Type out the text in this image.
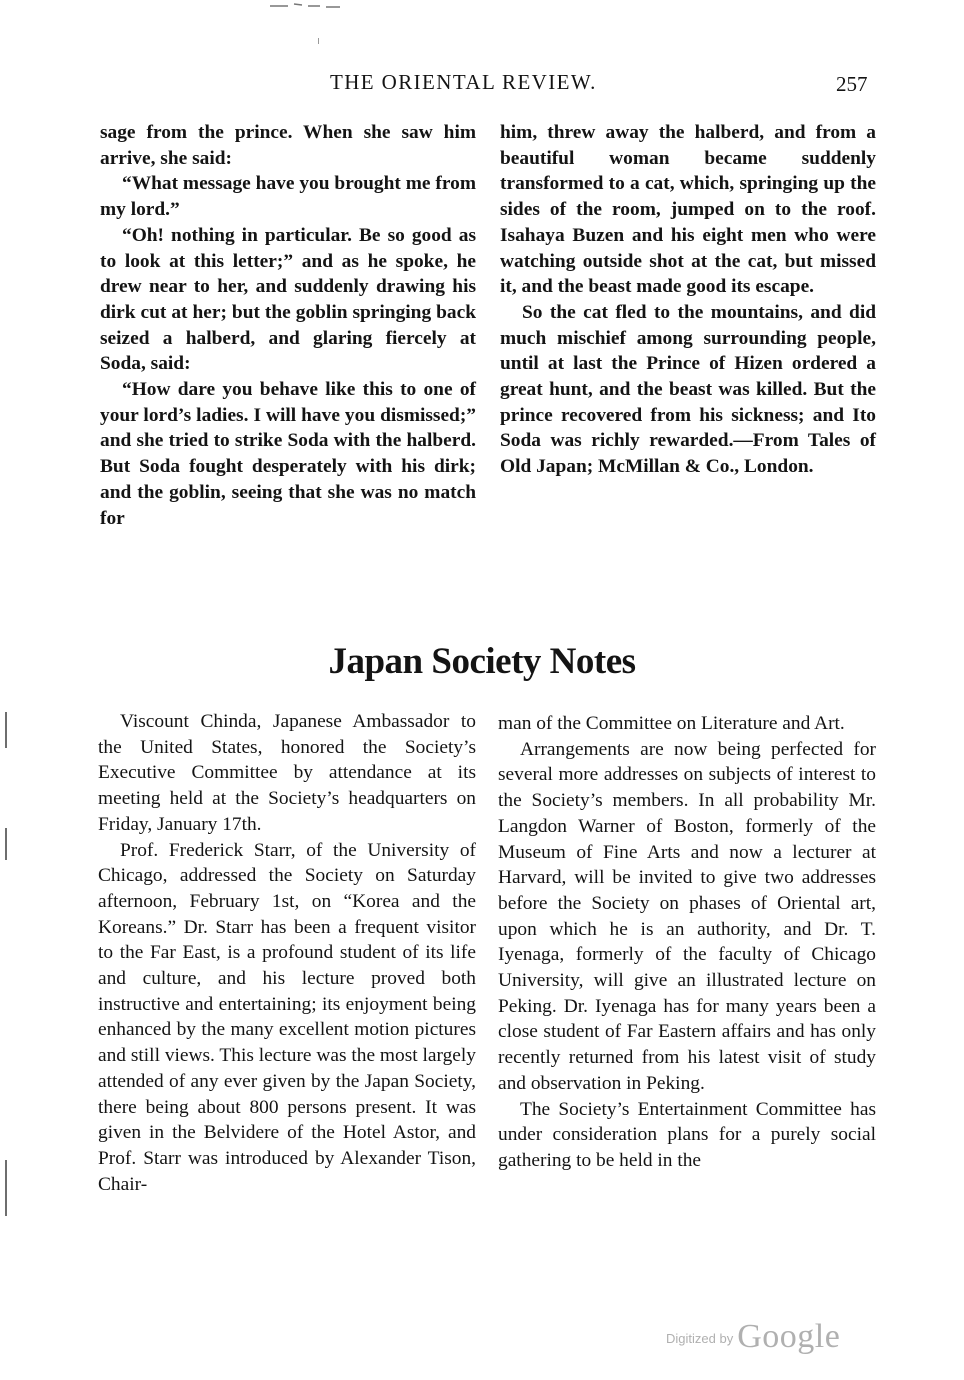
THE ORIENTAL REVIEW.	257

sage from the prince. When she saw him arrive, she said:

“What message have you brought me from my lord.”

“Oh! nothing in particular. Be so good as to look at this letter;” and as he spoke, he drew near to her, and suddenly drawing his dirk cut at her; but the goblin springing back seized a halberd, and glaring fiercely at Soda, said:

“How dare you behave like this to one of your lord’s ladies. I will have you dismissed;” and she tried to strike Soda with the halberd. But Soda fought desperately with his dirk; and the goblin, seeing that she was no match for

him, threw away the halberd, and from a beautiful woman became suddenly transformed to a cat, which, springing up the sides of the room, jumped on to the roof. Isahaya Buzen and his eight men who were watching outside shot at the cat, but missed it, and the beast made good its escape.

So the cat fled to the mountains, and did much mischief among surrounding people, until at last the Prince of Hizen ordered a great hunt, and the beast was killed. But the prince recovered from his sickness; and Ito Soda was richly rewarded.—From Tales of Old Japan; McMillan & Co., London.

Japan Society Notes

Viscount Chinda, Japanese Ambassador to the United States, honored the Society’s Executive Committee by attendance at its meeting held at the Society’s headquarters on Friday, January 17th.

Prof. Frederick Starr, of the University of Chicago, addressed the Society on Saturday afternoon, February 1st, on “Korea and the Koreans.” Dr. Starr has been a frequent visitor to the Far East, is a profound student of its life and culture, and his lecture proved both instructive and entertaining; its enjoyment being enhanced by the many excellent motion pictures and still views. This lecture was the most largely attended of any ever given by the Japan Society, there being about 800 persons present. It was given in the Belvidere of the Hotel Astor, and Prof. Starr was introduced by Alexander Tison, Chair-

man of the Committee on Literature and Art.

Arrangements are now being perfected for several more addresses on subjects of interest to the Society’s members. In all probability Mr. Langdon Warner of Boston, formerly of the Museum of Fine Arts and now a lecturer at Harvard, will be invited to give two addresses before the Society on phases of Oriental art, upon which he is an authority, and Dr. T. Iyenaga, formerly of the faculty of Chicago University, will give an illustrated lecture on Peking. Dr. Iyenaga has for many years been a close student of Far Eastern affairs and has only recently returned from his latest visit of study and observation in Peking.

The Society’s Entertainment Committee has under consideration plans for a purely social gathering to be held in the

$^{Digitized by}$ Google
